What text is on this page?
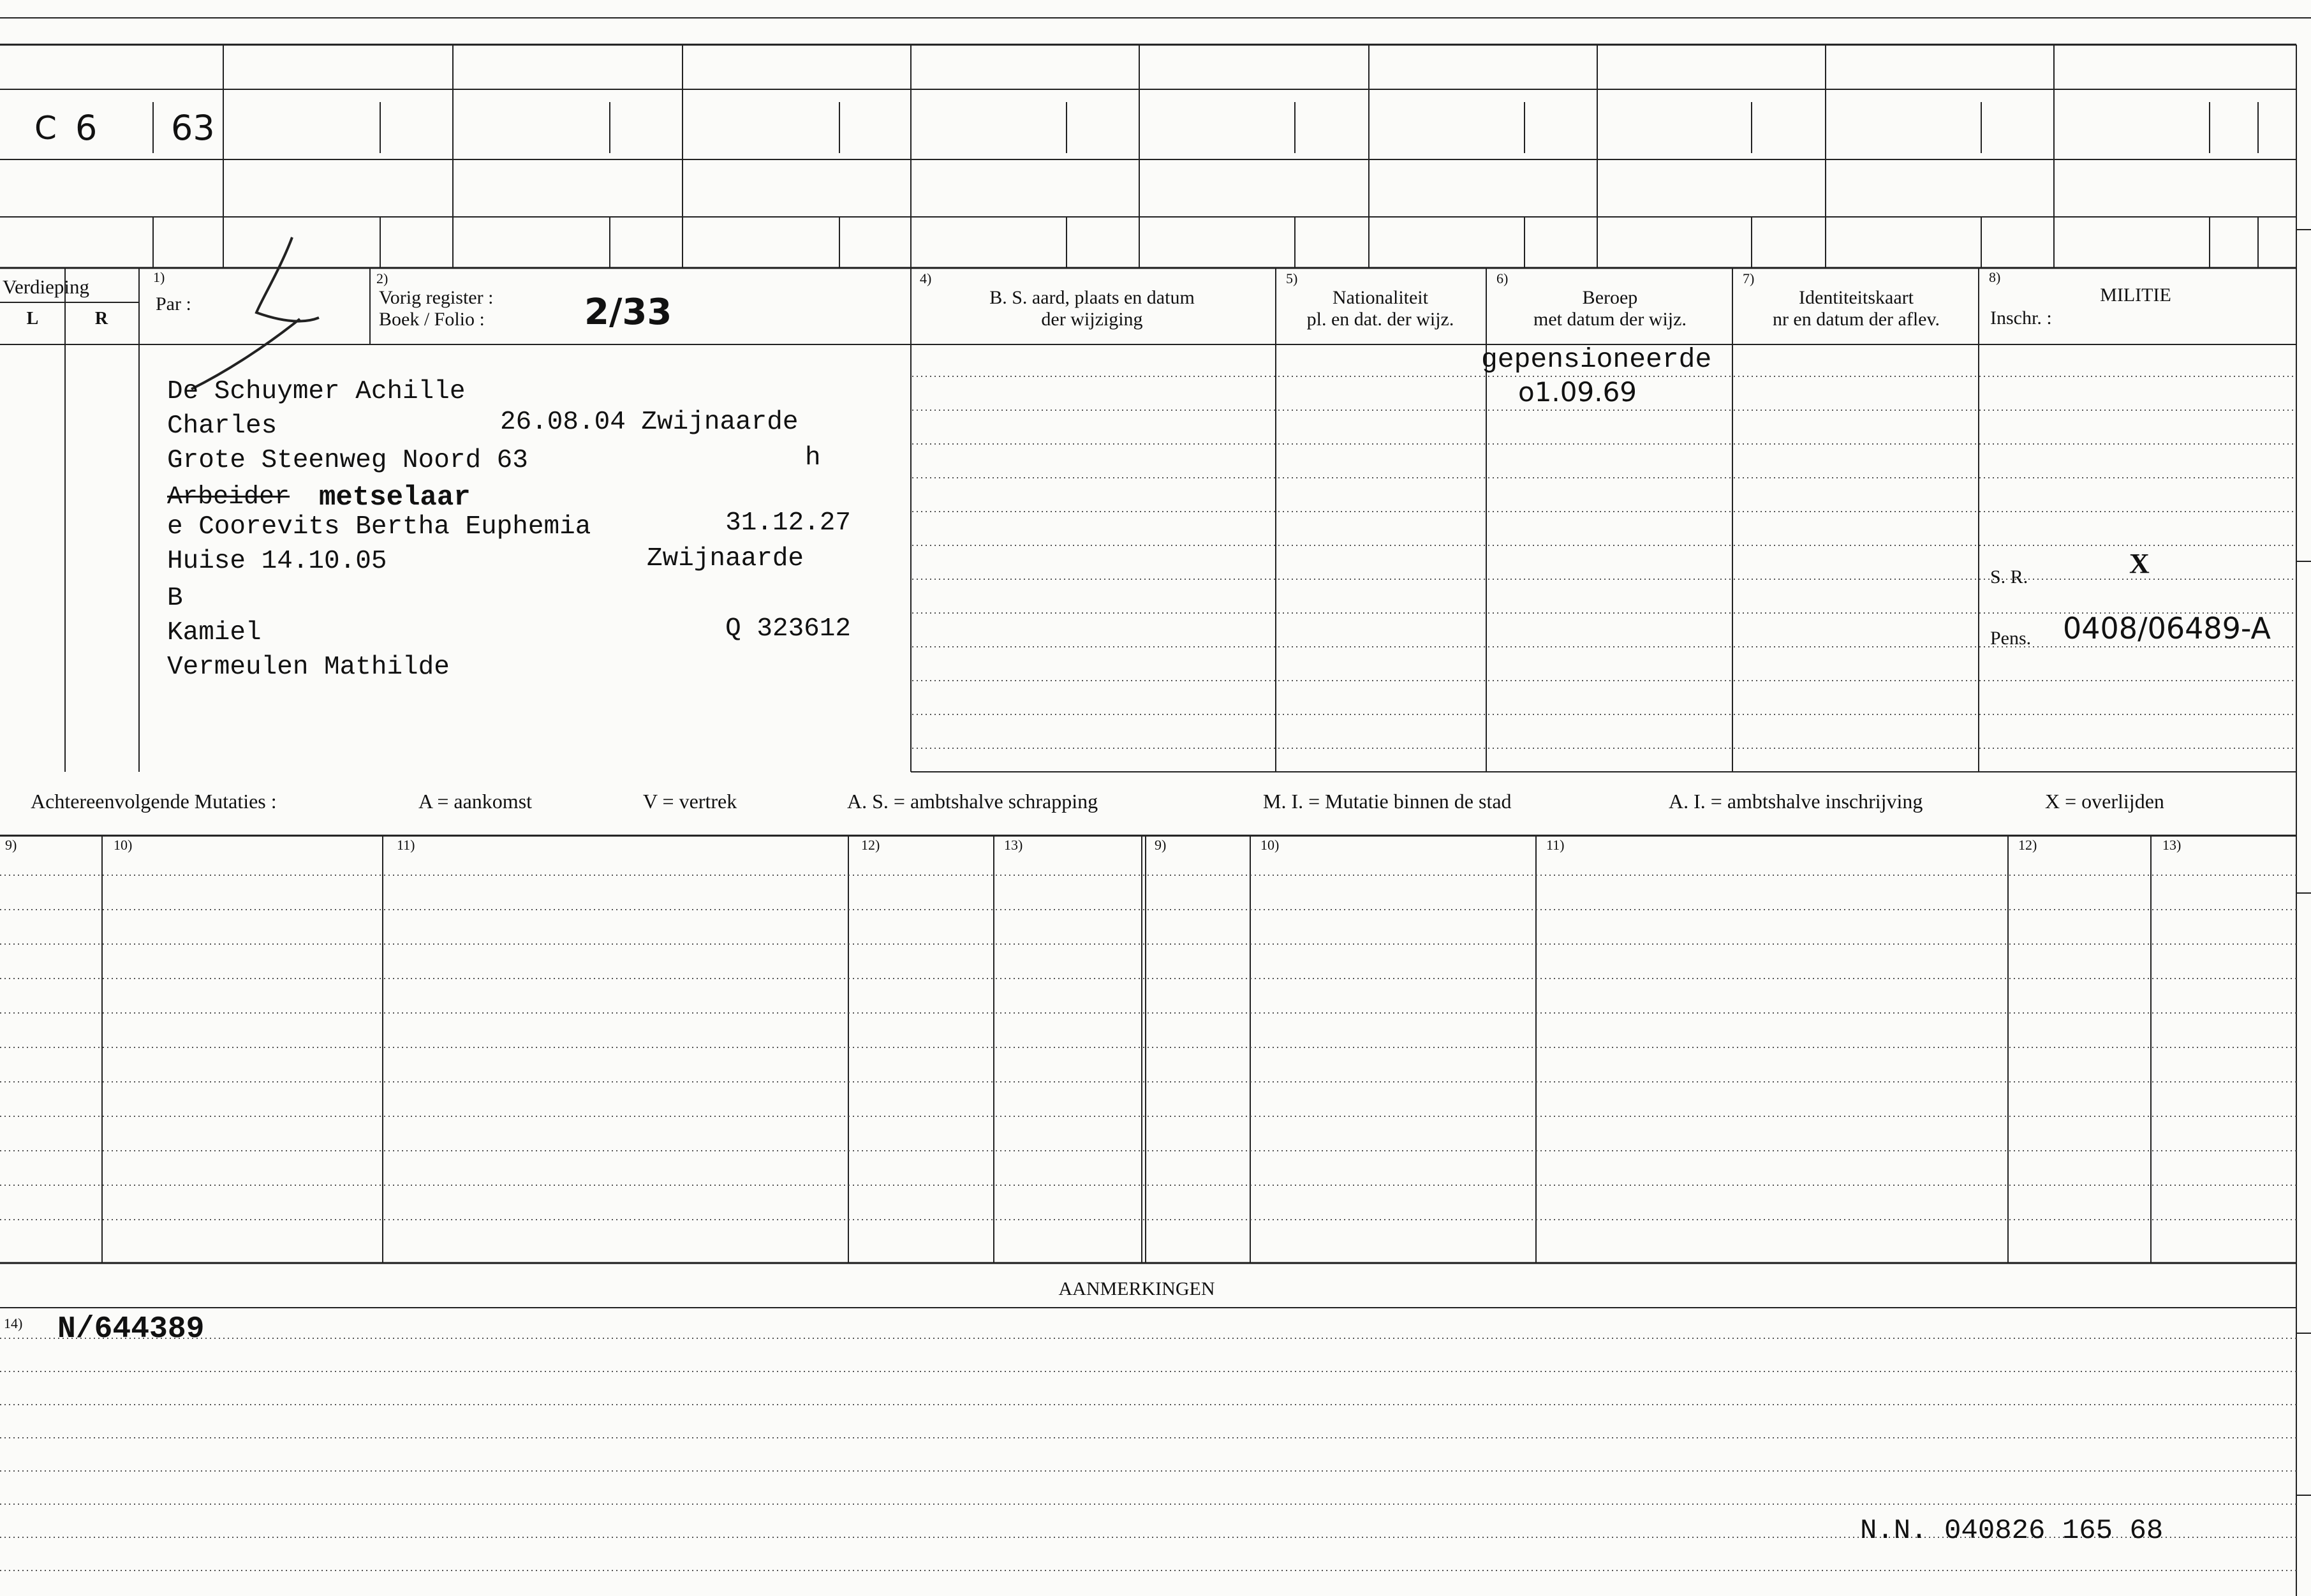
C 6 63
Verdieping
L	R
1)
Par :
2)
Vorig register :
Boek / Folio :	2/33
4)
B. S. aard, plaats en datum
der wijziging
5)
Nationaliteit
pl. en dat. der wijz.
6)
Beroep
met datum der wijz.
7)
Identiteitskaart
nr en datum der aflev.
8)
MILITIE
Inschr. :
De Schuymer Achille
Charles	26.08.04 Zwijnaarde
Grote Steenweg Noord 63	h
Arbeider metselaar
e Coorevits Bertha Euphemia	31.12.27
Huise 14.10.05	Zwijnaarde
B
Kamiel	Q 323612
Vermeulen Mathilde
gepensioneerde
o1.09.69
S. R.	X
Pens. 0408/06489-A
Achtereenvolgende Mutaties :	A = aankomst	V = vertrek	A. S. = ambtshalve schrapping	M. I. = Mutatie binnen de stad	A. I. = ambtshalve inschrijving	X = overlijden
9)	10)	11)	12)	13)	9)	10)	11)	12)	13)
AANMERKINGEN
14) N/644389
N.N. 040826 165 68
